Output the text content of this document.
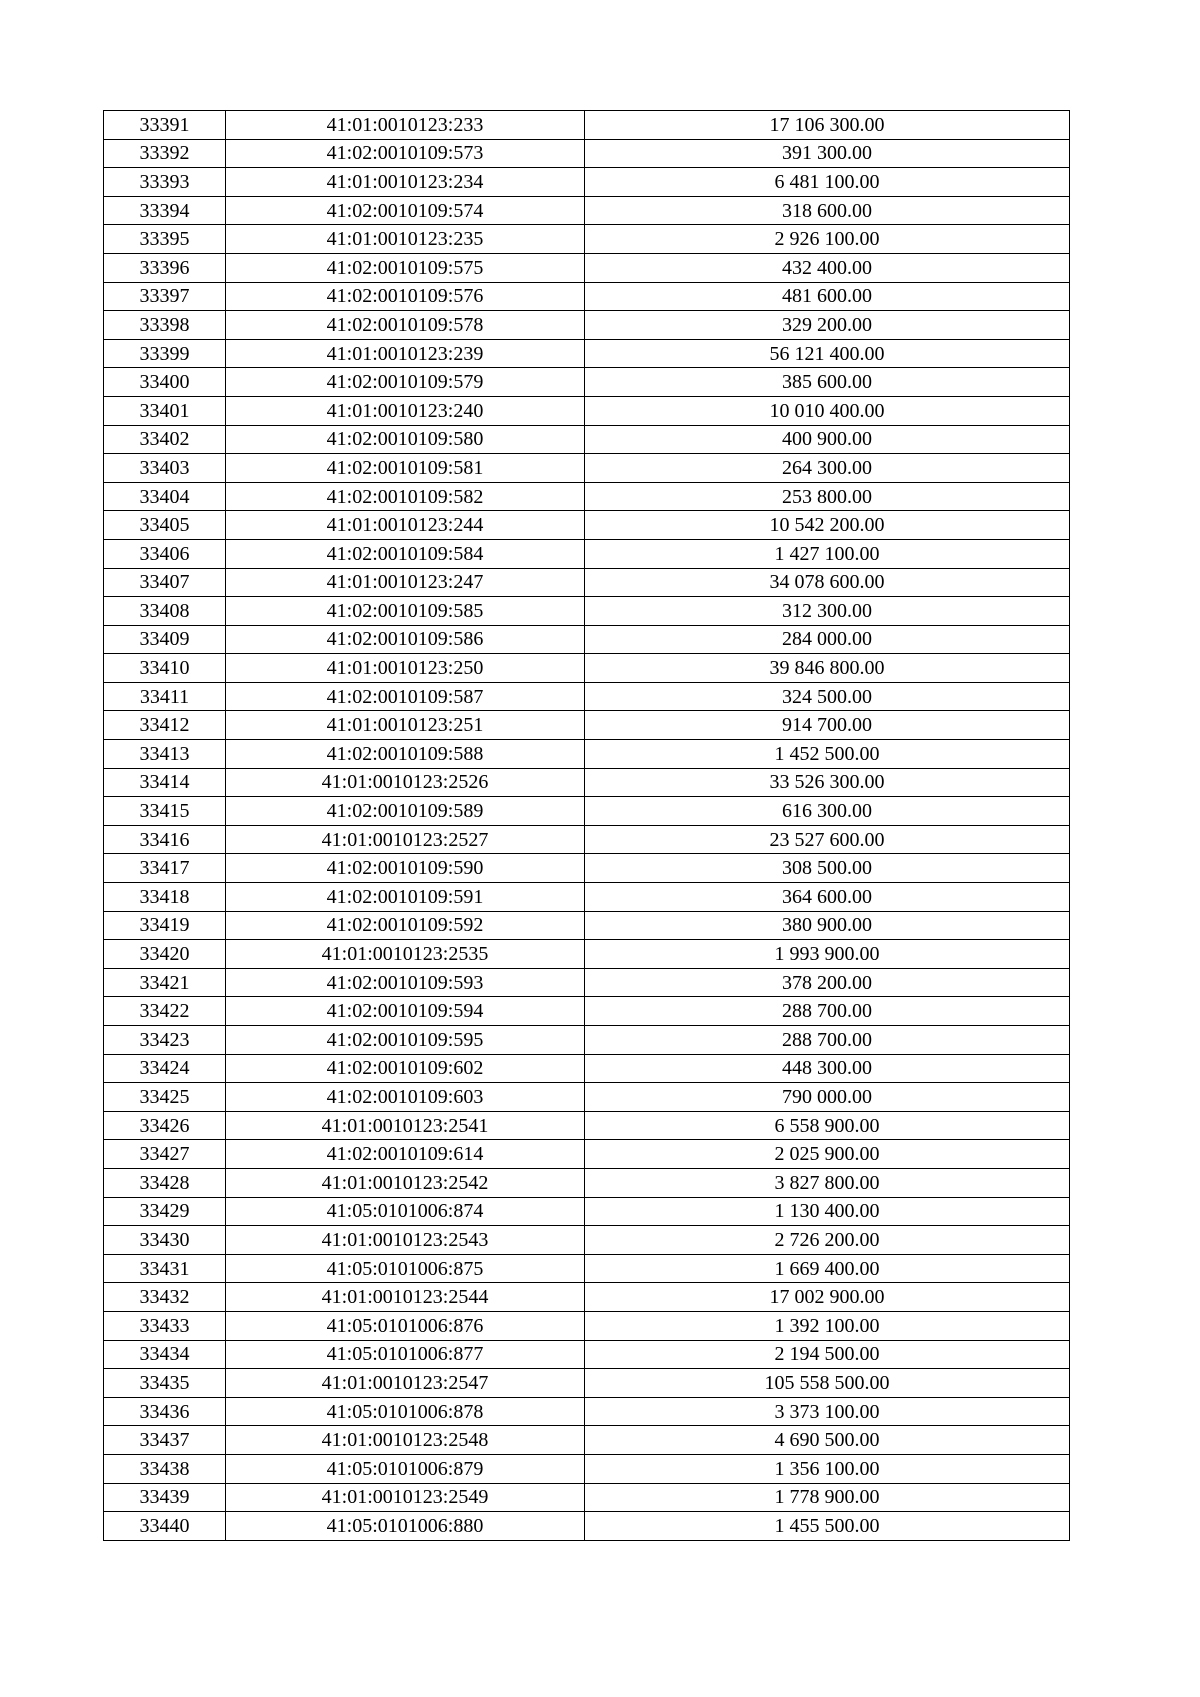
33391	41:01:0010123:233	17 106 300.00
33392	41:02:0010109:573	391 300.00
33393	41:01:0010123:234	6 481 100.00
33394	41:02:0010109:574	318 600.00
33395	41:01:0010123:235	2 926 100.00
33396	41:02:0010109:575	432 400.00
33397	41:02:0010109:576	481 600.00
33398	41:02:0010109:578	329 200.00
33399	41:01:0010123:239	56 121 400.00
33400	41:02:0010109:579	385 600.00
33401	41:01:0010123:240	10 010 400.00
33402	41:02:0010109:580	400 900.00
33403	41:02:0010109:581	264 300.00
33404	41:02:0010109:582	253 800.00
33405	41:01:0010123:244	10 542 200.00
33406	41:02:0010109:584	1 427 100.00
33407	41:01:0010123:247	34 078 600.00
33408	41:02:0010109:585	312 300.00
33409	41:02:0010109:586	284 000.00
33410	41:01:0010123:250	39 846 800.00
33411	41:02:0010109:587	324 500.00
33412	41:01:0010123:251	914 700.00
33413	41:02:0010109:588	1 452 500.00
33414	41:01:0010123:2526	33 526 300.00
33415	41:02:0010109:589	616 300.00
33416	41:01:0010123:2527	23 527 600.00
33417	41:02:0010109:590	308 500.00
33418	41:02:0010109:591	364 600.00
33419	41:02:0010109:592	380 900.00
33420	41:01:0010123:2535	1 993 900.00
33421	41:02:0010109:593	378 200.00
33422	41:02:0010109:594	288 700.00
33423	41:02:0010109:595	288 700.00
33424	41:02:0010109:602	448 300.00
33425	41:02:0010109:603	790 000.00
33426	41:01:0010123:2541	6 558 900.00
33427	41:02:0010109:614	2 025 900.00
33428	41:01:0010123:2542	3 827 800.00
33429	41:05:0101006:874	1 130 400.00
33430	41:01:0010123:2543	2 726 200.00
33431	41:05:0101006:875	1 669 400.00
33432	41:01:0010123:2544	17 002 900.00
33433	41:05:0101006:876	1 392 100.00
33434	41:05:0101006:877	2 194 500.00
33435	41:01:0010123:2547	105 558 500.00
33436	41:05:0101006:878	3 373 100.00
33437	41:01:0010123:2548	4 690 500.00
33438	41:05:0101006:879	1 356 100.00
33439	41:01:0010123:2549	1 778 900.00
33440	41:05:0101006:880	1 455 500.00
